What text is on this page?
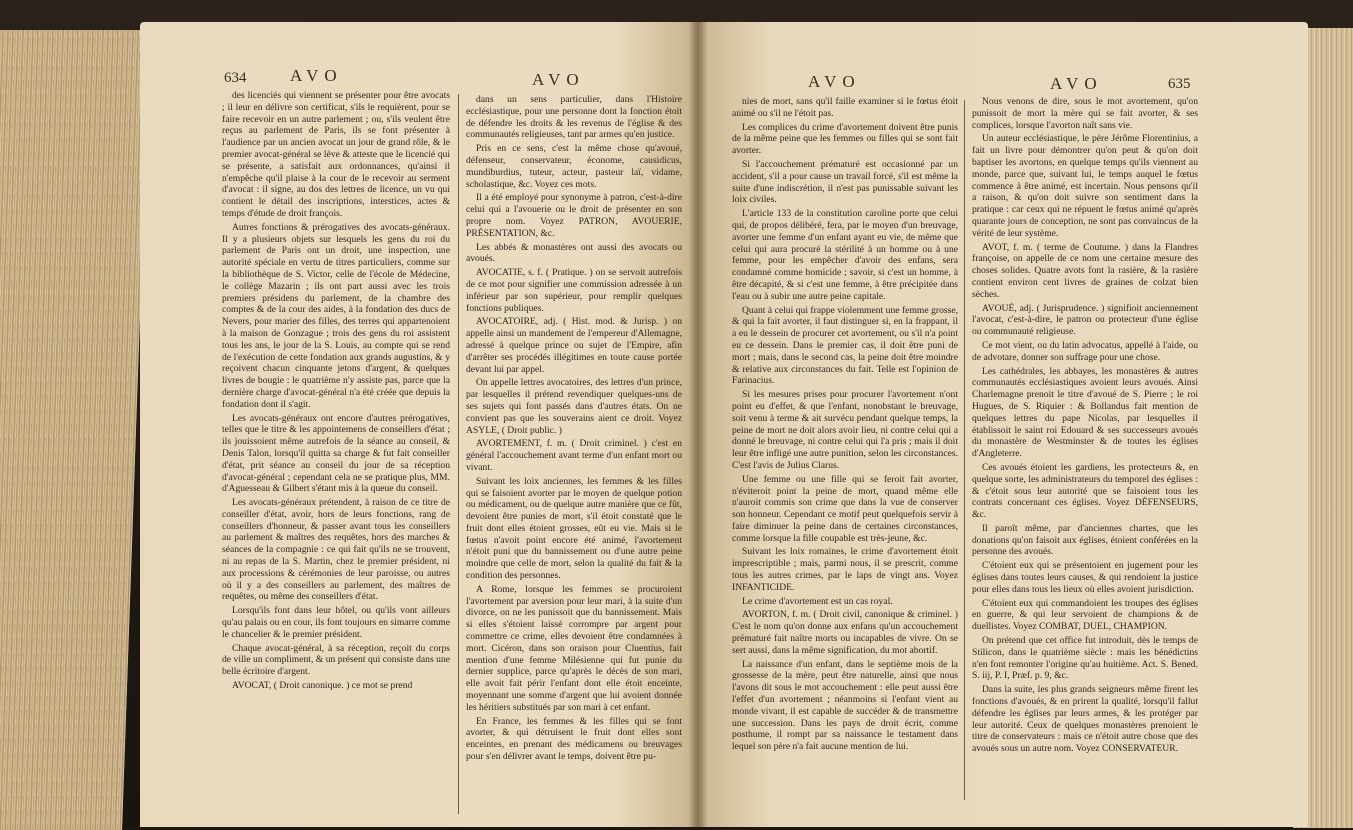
634	AVO	AVO

des licenciés qui viennent se présenter pour être avocats ; il leur en délivre son certificat, s'ils le requièrent, pour se faire recevoir en un autre parlement ; ou, s'ils veulent être reçus au parlement de Paris, ils se font présenter à l'audience par un ancien avocat un jour de grand rôle, & le premier avocat-général se lève & atteste que le licencié qui se présente, a satisfait aux ordonnances, qu'ainsi il n'empêche qu'il plaise à la cour de le recevoir au serment d'avocat : il signe, au dos des lettres de licence, un vu qui contient le détail des inscriptions, interstices, actes & temps d'étude de droit françois.

Autres fonctions & prérogatives des avocats-généraux. Il y a plusieurs objets sur lesquels les gens du roi du parlement de Paris ont un droit, une inspection, une autorité spéciale en vertu de titres particuliers, comme sur la bibliothèque de S. Victor, celle de l'école de Médecine, le collège Mazarin ; ils ont part aussi avec les trois premiers présidens du parlement, de la chambre des comptes & de la cour des aides, à la fondation des ducs de Nevers, pour marier des filles, des terres qui appartenoient à la maison de Gonzague ; trois des gens du roi assistent tous les ans, le jour de la S. Louis, au compte qui se rend de l'exécution de cette fondation aux grands augustins, & y reçoivent chacun cinquante jetons d'argent, & quelques livres de bougie : le quatrième n'y assiste pas, parce que la dernière charge d'avocat-général n'a été créée que depuis la fondation dont il s'agit.

Les avocats-généraux ont encore d'autres prérogatives, telles que le titre & les appointemens de conseillers d'état ; ils jouissoient même autrefois de la séance au conseil, & Denis Talon, lorsqu'il quitta sa charge & fut fait conseiller d'état, prit séance au conseil du jour de sa réception d'avocat-général ; cependant cela ne se pratique plus, MM. d'Aguesseau & Gilbert s'étant mis à la queue du conseil.

Les avocats-généraux prétendent, à raison de ce titre de conseiller d'état, avoir, hors de leurs fonctions, rang de conseillers d'honneur, & passer avant tous les conseillers au parlement & maîtres des requêtes, hors des marches & séances de la compagnie : ce qui fait qu'ils ne se trouvent, ni au repas de la S. Martin, chez le premier président, ni aux processions & cérémonies de leur paroisse, ou autres où il y a des conseillers au parlement, des maîtres de requêtes, ou même des conseillers d'état.

Lorsqu'ils font dans leur hôtel, ou qu'ils vont ailleurs qu'au palais ou en cour, ils font toujours en simarre comme le chancelier & le premier président.

Chaque avocat-général, à sa réception, reçoit du corps de ville un compliment, & un présent qui consiste dans une belle écritoire d'argent.

AVOCAT, ( Droit canonique. ) ce mot se prend

dans un sens particulier, dans l'Histoire ecclésiastique, pour une personne dont la fonction étoit de défendre les droits & les revenus de l'église & des communautés religieuses, tant par armes qu'en justice.

Pris en ce sens, c'est la même chose qu'avoué, défenseur, conservateur, économe, causidicus, mundiburdius, tuteur, acteur, pasteur laï, vidame, scholastique, &c. Voyez ces mots.

Il a été employé pour synonyme à patron, c'est-à-dire celui qui a l'avouerie ou le droit de présenter en son propre nom. Voyez PATRON, AVOUERIE, PRÉSENTATION, &c.

Les abbés & monastères ont aussi des avocats ou avoués.

AVOCATIE, s. f. ( Pratique. ) on se servoit autrefois de ce mot pour signifier une commission adressée à un inférieur par son supérieur, pour remplir quelques fonctions publiques.

AVOCATOIRE, adj. ( Hist. mod. & Jurisp. ) on appelle ainsi un mandement de l'empereur d'Allemagne, adressé à quelque prince ou sujet de l'Empire, afin d'arrêter ses procédés illégitimes en toute cause portée devant lui par appel.

On appelle lettres avocatoires, des lettres d'un prince, par lesquelles il prétend revendiquer quelques-uns de ses sujets qui font passés dans d'autres états. On ne convient pas que les souverains aient ce droit. Voyez ASYLE, ( Droit public. )

AVORTEMENT, f. m. ( Droit criminel. ) c'est en général l'accouchement avant terme d'un enfant mort ou vivant.

Suivant les loix anciennes, les femmes & les filles qui se faisoient avorter par le moyen de quelque potion ou médicament, ou de quelque autre manière que ce fût, devoient être punies de mort, s'il étoit constaté que le fruit dont elles étoient grosses, eût eu vie. Mais si le fœtus n'avoit point encore été animé, l'avortement n'étoit puni que du bannissement ou d'une autre peine moindre que celle de mort, selon la qualité du fait & la condition des personnes.

A Rome, lorsque les femmes se procuroient l'avortement par aversion pour leur mari, à la suite d'un divorce, on ne les punissoit que du bannissement. Mais si elles s'étoient laissé corrompre par argent pour commettre ce crime, elles devoient être condamnées à mort. Cicéron, dans son oraison pour Cluentius, fait mention d'une femme Milésienne qui fut punie du dernier supplice, parce qu'après le décès de son mari, elle avoit fait périr l'enfant dont elle étoit enceinte, moyennant une somme d'argent que lui avoient donnée les héritiers substitués par son mari à cet enfant.

En France, les femmes & les filles qui se font avorter, & qui détruisent le fruit dont elles sont enceintes, en prenant des médicamens ou breuvages pour s'en délivrer avant le temps, doivent être pu-

AVO	AVO	635

nies de mort, sans qu'il faille examiner si le fœtus étoit animé ou s'il ne l'étoit pas.

Les complices du crime d'avortement doivent être punis de la même peine que les femmes ou filles qui se sont fait avorter.

Si l'accouchement prématuré est occasionné par un accident, s'il a pour cause un travail forcé, s'il est même la suite d'une indiscrétion, il n'est pas punissable suivant les loix civiles.

L'article 133 de la constitution caroline porte que celui qui, de propos délibéré, fera, par le moyen d'un breuvage, avorter une femme d'un enfant ayant eu vie, de même que celui qui aura procuré la stérilité à un homme ou à une femme, pour les empêcher d'avoir des enfans, sera condamné comme homicide ; savoir, si c'est un homme, à être décapité, & si c'est une femme, à être précipitée dans l'eau ou à subir une autre peine capitale.

Quant à celui qui frappe violemment une femme grosse, & qui la fait avorter, il faut distinguer si, en la frappant, il a eu le dessein de procurer cet avortement, ou s'il n'a point eu ce dessein. Dans le premier cas, il doit être puni de mort ; mais, dans le second cas, la peine doit être moindre & relative aux circonstances du fait. Telle est l'opinion de Farinacius.

Si les mesures prises pour procurer l'avortement n'ont point eu d'effet, & que l'enfant, nonobstant le breuvage, soit venu à terme & ait survécu pendant quelque temps, la peine de mort ne doit alors avoir lieu, ni contre celui qui a donné le breuvage, ni contre celui qui l'a pris ; mais il doit leur être infligé une autre punition, selon les circonstances. C'est l'avis de Julius Clarus.

Une femme ou une fille qui se feroit fait avorter, n'éviteroit point la peine de mort, quand même elle n'auroit commis son crime que dans la vue de conserver son honneur. Cependant ce motif peut quelquefois servir à faire diminuer la peine dans de certaines circonstances, comme lorsque la fille coupable est très-jeune, &c.

Suivant les loix romaines, le crime d'avortement étoit imprescriptible ; mais, parmi nous, il se prescrit, comme tous les autres crimes, par le laps de vingt ans. Voyez INFANTICIDE.

Le crime d'avortement est un cas royal.

AVORTON, f. m. ( Droit civil, canonique & criminel. ) C'est le nom qu'on donne aux enfans qu'un accouchement prématuré fait naître morts ou incapables de vivre. On se sert aussi, dans la même signification, du mot abortif.

La naissance d'un enfant, dans le septième mois de la grossesse de la mère, peut être naturelle, ainsi que nous l'avons dit sous le mot accouchement : elle peut aussi être l'effet d'un avortement ; néanmoins si l'enfant vient au monde vivant, il est capable de succéder & de transmettre une succession. Dans les pays de droit écrit, comme posthume, il rompt par sa naissance le testament dans lequel son père n'a fait aucune mention de lui.

Nous venons de dire, sous le mot avortement, qu'on punissoit de mort la mère qui se fait avorter, & ses complices, lorsque l'avorton naît sans vie.

Un auteur ecclésiastique, le père Jérôme Florentinius, a fait un livre pour démontrer qu'on peut & qu'on doit baptiser les avortons, en quelque temps qu'ils viennent au monde, parce que, suivant lui, le temps auquel le fœtus commence à être animé, est incertain. Nous pensons qu'il a raison, & qu'on doit suivre son sentiment dans la pratique : car ceux qui ne répuent le fœtus animé qu'après quarante jours de conception, ne sont pas convaincus de la vérité de leur système.

AVOT, f. m. ( terme de Coutume. ) dans la Flandres françoise, on appelle de ce nom une certaine mesure des choses solides. Quatre avots font la rasière, & la rasière contient environ cent livres de graines de colzat bien sèches.

AVOUÉ, adj. ( Jurisprudence. ) signifioit anciennement l'avocat, c'est-à-dire, le patron ou protecteur d'une église ou communauté religieuse.

Ce mot vient, ou du latin advocatus, appellé à l'aide, ou de advotare, donner son suffrage pour une chose.

Les cathédrales, les abbayes, les monastères & autres communautés ecclésiastiques avoient leurs avoués. Ainsi Charlemagne prenoit le titre d'avoué de S. Pierre ; le roi Hugues, de S. Riquier : & Bollandus fait mention de quelques lettres du pape Nicolas, par lesquelles il établissoit le saint roi Edouard & ses successeurs avoués du monastère de Westminster & de toutes les églises d'Angleterre.

Ces avoués étoient les gardiens, les protecteurs &, en quelque sorte, les administrateurs du temporel des églises : & c'étoit sous leur autorité que se faisoient tous les contrats concernant ces églises. Voyez DÉFENSEURS, &c.

Il paroît même, par d'anciennes chartes, que les donations qu'on faisoit aux églises, étoient conférées en la personne des avoués.

C'étoient eux qui se présentoient en jugement pour les églises dans toutes leurs causes, & qui rendoient la justice pour elles dans tous les lieux où elles avoient jurisdiction.

C'étoient eux qui commandoient les troupes des églises en guerre, & qui leur servoient de champions & de duellistes. Voyez COMBAT, DUEL, CHAMPION.

On prétend que cet office fut introduit, dès le temps de Stilicon, dans le quatrième siècle : mais les bénédictins n'en font remonter l'origine qu'au huitième. Act. S. Bened. S. iij, P. I, Præf. p. 9, &c.

Dans la suite, les plus grands seigneurs même firent les fonctions d'avoués, & en prirent la qualité, lorsqu'il fallut défendre les églises par leurs armes, & les protéger par leur autorité. Ceux de quelques monastères prenoient le titre de conservateurs : mais ce n'étoit autre chose que des avoués sous un autre nom. Voyez CONSERVATEUR.
